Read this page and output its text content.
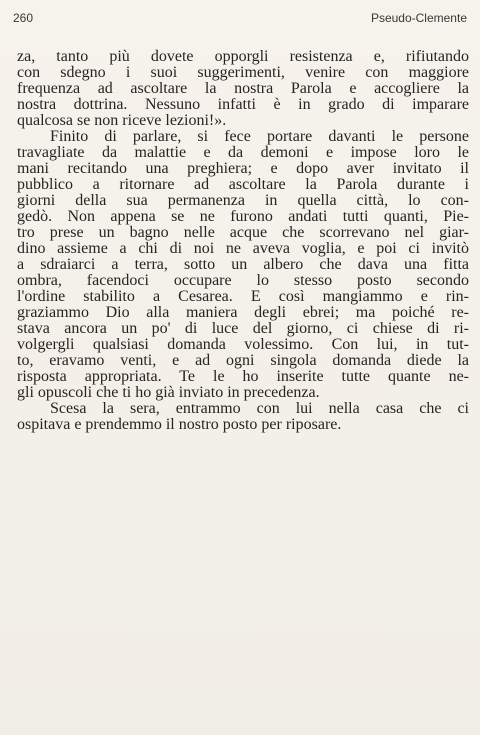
260	Pseudo-Clemente

za, tanto più dovete opporgli resistenza e, rifiutando
con sdegno i suoi suggerimenti, venire con maggiore
frequenza ad ascoltare la nostra Parola e accogliere la
nostra dottrina. Nessuno infatti è in grado di imparare
qualcosa se non riceve lezioni!».

Finito di parlare, si fece portare davanti le persone
travagliate da malattie e da demoni e impose loro le
mani recitando una preghiera; e dopo aver invitato il
pubblico a ritornare ad ascoltare la Parola durante i
giorni della sua permanenza in quella città, lo con-
gedò. Non appena se ne furono andati tutti quanti, Pie-
tro prese un bagno nelle acque che scorrevano nel giar-
dino assieme a chi di noi ne aveva voglia, e poi ci invitò
a sdraiarci a terra, sotto un albero che dava una fitta
ombra, facendoci occupare lo stesso posto secondo
l'ordine stabilito a Cesarea. E così mangiammo e rin-
graziammo Dio alla maniera degli ebrei; ma poiché re-
stava ancora un po' di luce del giorno, ci chiese di ri-
volgergli qualsiasi domanda volessimo. Con lui, in tut-
to, eravamo venti, e ad ogni singola domanda diede la
risposta appropriata. Te le ho inserite tutte quante ne-
gli opuscoli che ti ho già inviato in precedenza.

Scesa la sera, entrammo con lui nella casa che ci
ospitava e prendemmo il nostro posto per riposare.
